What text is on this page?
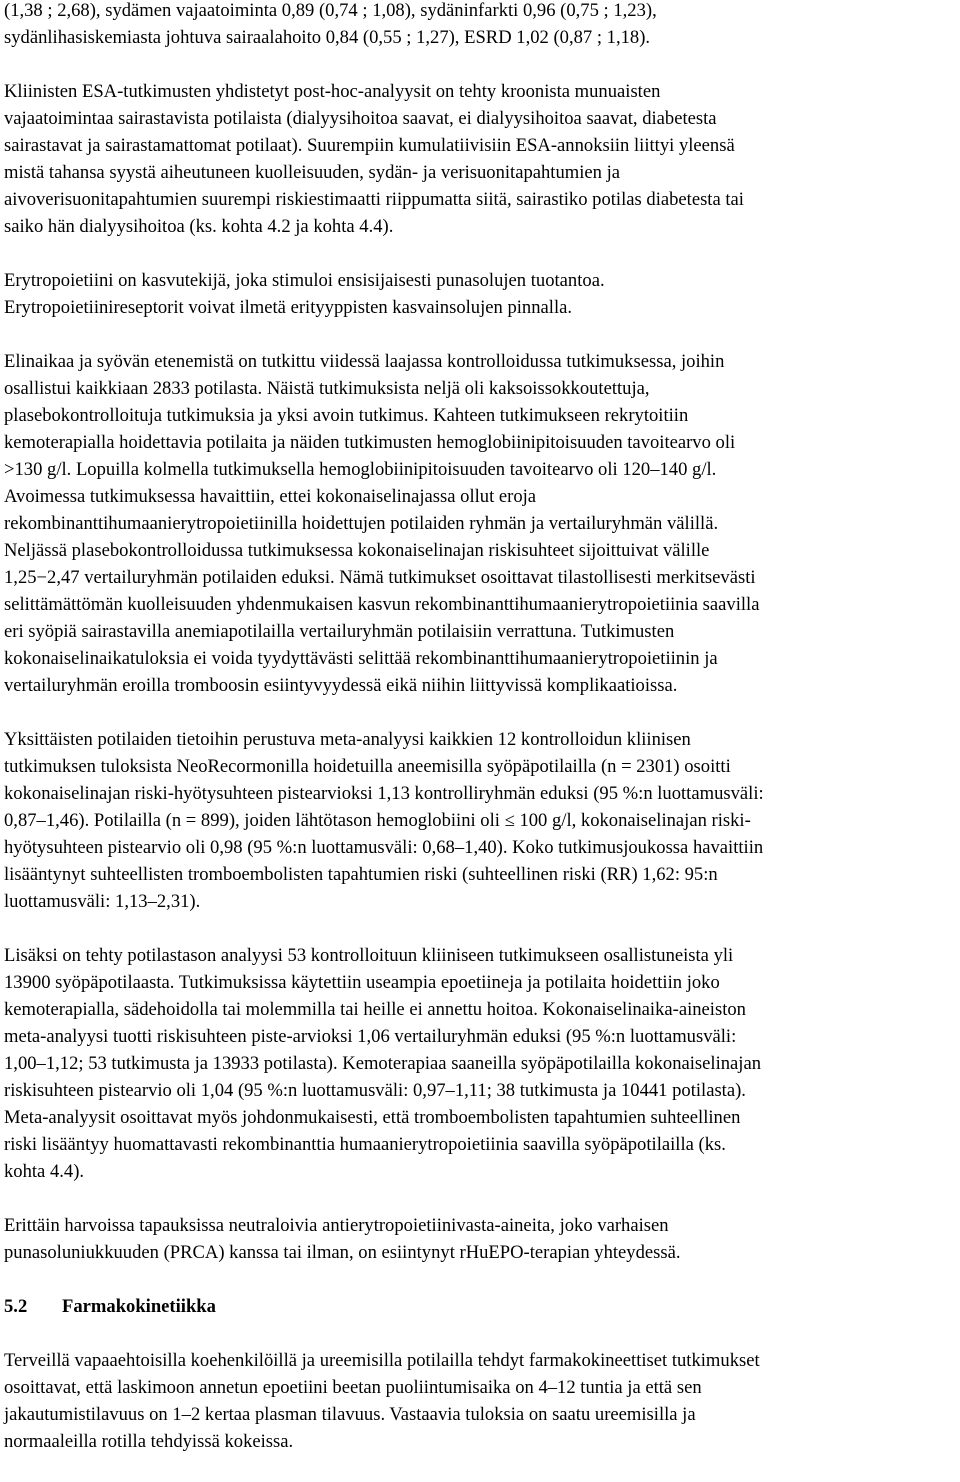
(1,38 ; 2,68), sydämen vajaatoiminta 0,89 (0,74 ; 1,08), sydäninfarkti 0,96 (0,75 ; 1,23),
sydänlihasiskemiasta johtuva sairaalahoito 0,84 (0,55 ; 1,27), ESRD 1,02 (0,87 ; 1,18).

Kliinisten ESA-tutkimusten yhdistetyt post-hoc-analyysit on tehty kroonista munuaisten
vajaatoimintaa sairastavista potilaista (dialyysihoitoa saavat, ei dialyysihoitoa saavat, diabetesta
sairastavat ja sairastamattomat potilaat). Suurempiin kumulatiivisiin ESA-annoksiin liittyi yleensä
mistä tahansa syystä aiheutuneen kuolleisuuden, sydän- ja verisuonitapahtumien ja
aivoverisuonitapahtumien suurempi riskiestimaatti riippumatta siitä, sairastiko potilas diabetesta tai
saiko hän dialyysihoitoa (ks. kohta 4.2 ja kohta 4.4).

Erytropoietiini on kasvutekijä, joka stimuloi ensisijaisesti punasolujen tuotantoa.
Erytropoietiinireseptorit voivat ilmetä erityyppisten kasvainsolujen pinnalla.

Elinaikaa ja syövän etenemistä on tutkittu viidessä laajassa kontrolloidussa tutkimuksessa, joihin
osallistui kaikkiaan 2833 potilasta. Näistä tutkimuksista neljä oli kaksoissokkoutettuja,
plasebokontrolloituja tutkimuksia ja yksi avoin tutkimus. Kahteen tutkimukseen rekrytoitiin
kemoterapialla hoidettavia potilaita ja näiden tutkimusten hemoglobiinipitoisuuden tavoitearvo oli
>130 g/l. Lopuilla kolmella tutkimuksella hemoglobiinipitoisuuden tavoitearvo oli 120–140 g/l.
Avoimessa tutkimuksessa havaittiin, ettei kokonaiselinajassa ollut eroja
rekombinanttihumaanierytropoietiinilla hoidettujen potilaiden ryhmän ja vertailuryhmän välillä.
Neljässä plasebokontrolloidussa tutkimuksessa kokonaiselinajan riskisuhteet sijoittuivat välille
1,25−2,47 vertailuryhmän potilaiden eduksi. Nämä tutkimukset osoittavat tilastollisesti merkitsevästi
selittämättömän kuolleisuuden yhdenmukaisen kasvun rekombinanttihumaanierytropoietiinia saavilla
eri syöpiä sairastavilla anemiapotilailla vertailuryhmän potilaisiin verrattuna. Tutkimusten
kokonaiselinaikatuloksia ei voida tyydyttävästi selittää rekombinanttihumaanierytropoietiinin ja
vertailuryhmän eroilla tromboosin esiintyvyydessä eikä niihin liittyvissä komplikaatioissa.

Yksittäisten potilaiden tietoihin perustuva meta-analyysi kaikkien 12 kontrolloidun kliinisen
tutkimuksen tuloksista NeoRecormonilla hoidetuilla aneemisilla syöpäpotilailla (n = 2301) osoitti
kokonaiselinajan riski-hyötysuhteen pistearvioksi 1,13 kontrolliryhmän eduksi (95 %:n luottamusväli:
0,87–1,46). Potilailla (n = 899), joiden lähtötason hemoglobiini oli ≤ 100 g/l, kokonaiselinajan riski-
hyötysuhteen pistearvio oli 0,98 (95 %:n luottamusväli: 0,68–1,40). Koko tutkimusjoukossa havaittiin
lisääntynyt suhteellisten tromboembolisten tapahtumien riski (suhteellinen riski (RR) 1,62: 95:n
luottamusväli: 1,13–2,31).

Lisäksi on tehty potilastason analyysi 53 kontrolloituun kliiniseen tutkimukseen osallistuneista yli
13900 syöpäpotilaasta. Tutkimuksissa käytettiin useampia epoetiineja ja potilaita hoidettiin joko
kemoterapialla, sädehoidolla tai molemmilla tai heille ei annettu hoitoa. Kokonaiselinaika-aineiston
meta-analyysi tuotti riskisuhteen piste-arvioksi 1,06 vertailuryhmän eduksi (95 %:n luottamusväli:
1,00–1,12; 53 tutkimusta ja 13933 potilasta). Kemoterapiaa saaneilla syöpäpotilailla kokonaiselinajan
riskisuhteen pistearvio oli 1,04 (95 %:n luottamusväli: 0,97–1,11; 38 tutkimusta ja 10441 potilasta).
Meta-analyysit osoittavat myös johdonmukaisesti, että tromboembolisten tapahtumien suhteellinen
riski lisääntyy huomattavasti rekombinanttia humaanierytropoietiinia saavilla syöpäpotilailla (ks.
kohta 4.4).

Erittäin harvoissa tapauksissa neutraloivia antierytropoietiinivasta-aineita, joko varhaisen
punasoluniukkuuden (PRCA) kanssa tai ilman, on esiintynyt rHuEPO-terapian yhteydessä.

5.2 Farmakokinetiikka

Terveillä vapaaehtoisilla koehenkilöillä ja ureemisilla potilailla tehdyt farmakokineettiset tutkimukset
osoittavat, että laskimoon annetun epoetiini beetan puoliintumisaika on 4–12 tuntia ja että sen
jakautumistilavuus on 1–2 kertaa plasman tilavuus. Vastaavia tuloksia on saatu ureemisilla ja
normaaleilla rotilla tehdyissä kokeissa.
